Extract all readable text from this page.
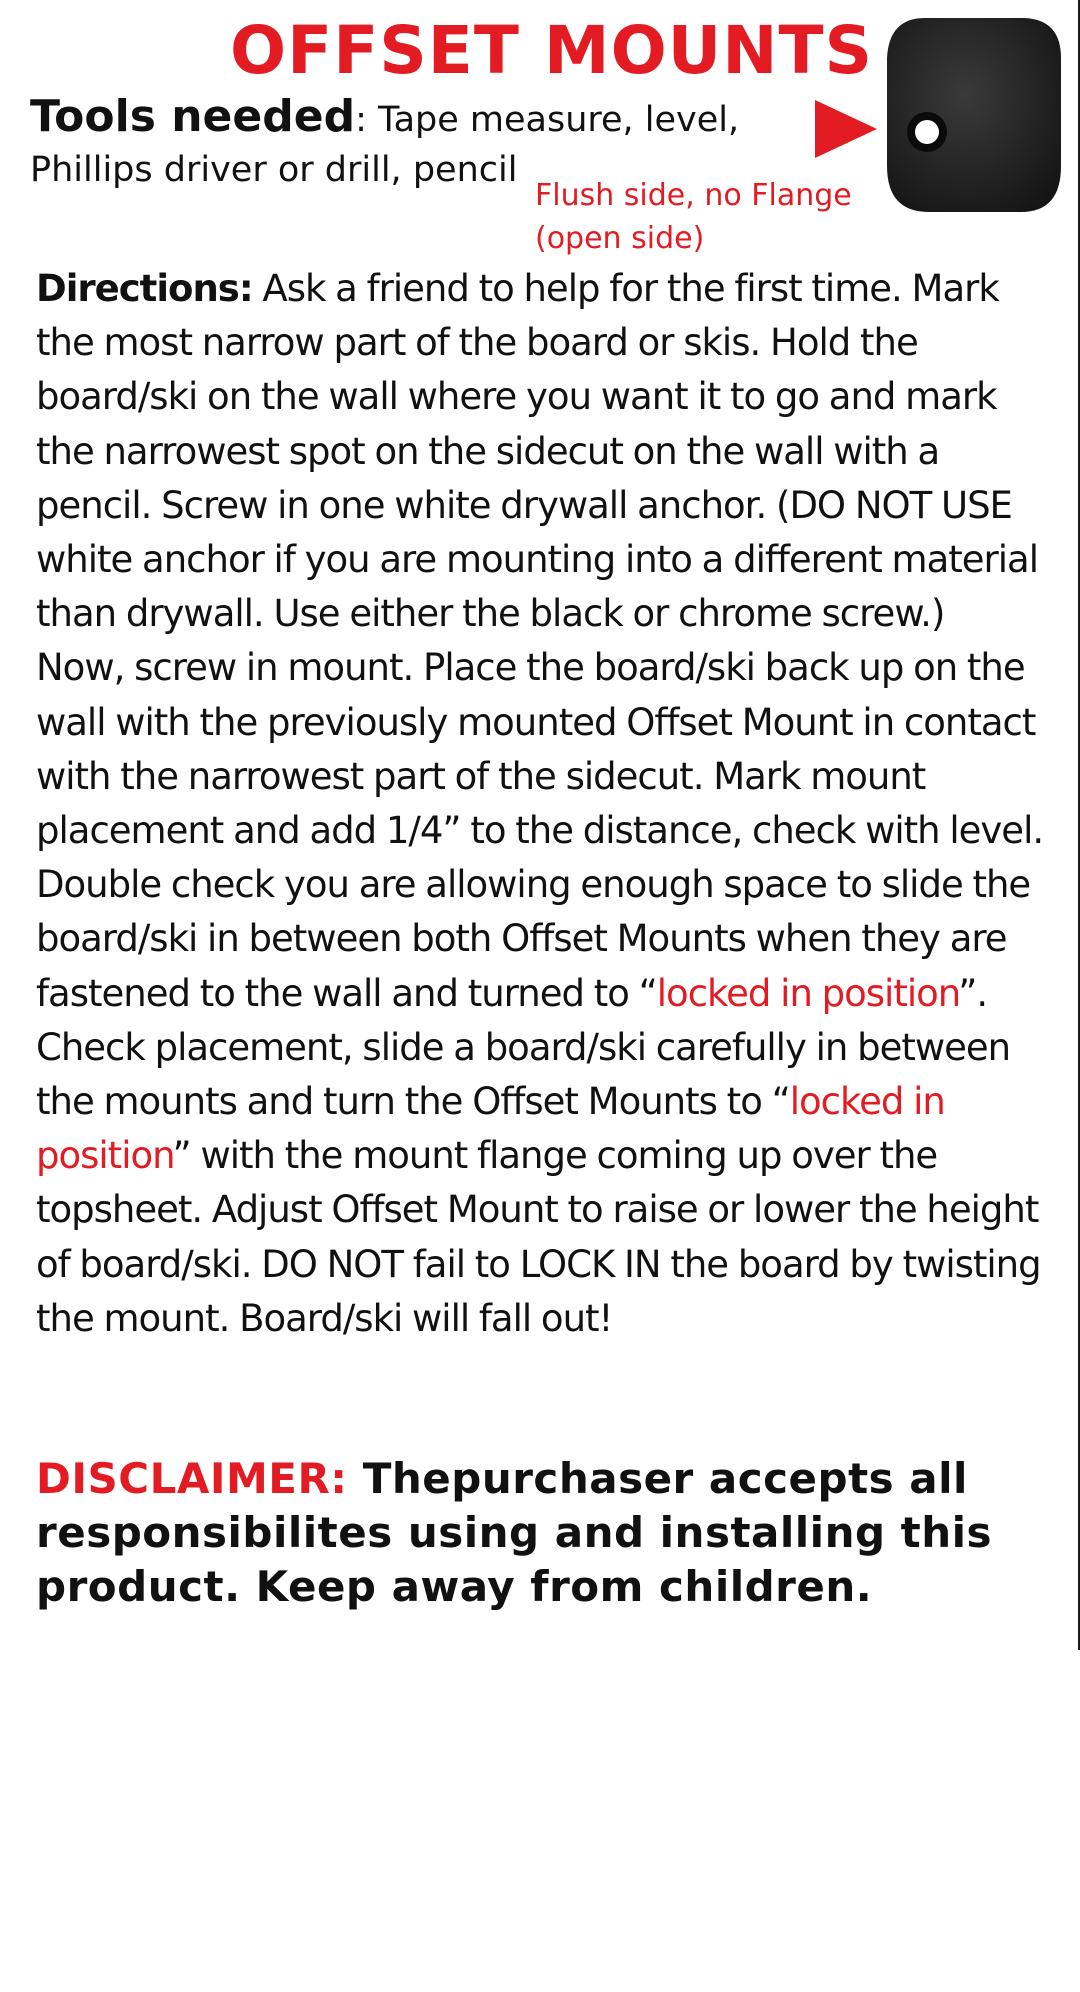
OFFSET MOUNTS
Tools needed: Tape measure, level,
Phillips driver or drill, pencil
Flush side, no Flange
(open side)

Directions: Ask a friend to help for the first time. Mark the most narrow part of the board or skis. Hold the board/ski on the wall where you want it to go and mark the narrowest spot on the sidecut on the wall with a pencil. Screw in one white drywall anchor. (DO NOT USE white anchor if you are mounting into a different material than drywall. Use either the black or chrome screw.)

Now, screw in mount. Place the board/ski back up on the wall with the previously mounted Offset Mount in contact with the narrowest part of the sidecut. Mark mount placement and add 1/4” to the distance, check with level. Double check you are allowing enough space to slide the board/ski in between both Offset Mounts when they are fastened to the wall and turned to “locked in position”. Check placement, slide a board/ski carefully in between the mounts and turn the Offset Mounts to “locked in position” with the mount flange coming up over the topsheet. Adjust Offset Mount to raise or lower the height of board/ski. DO NOT fail to LOCK IN the board by twisting the mount. Board/ski will fall out!

DISCLAIMER: Thepurchaser accepts all responsibilites using and installing this product. Keep away from children.
